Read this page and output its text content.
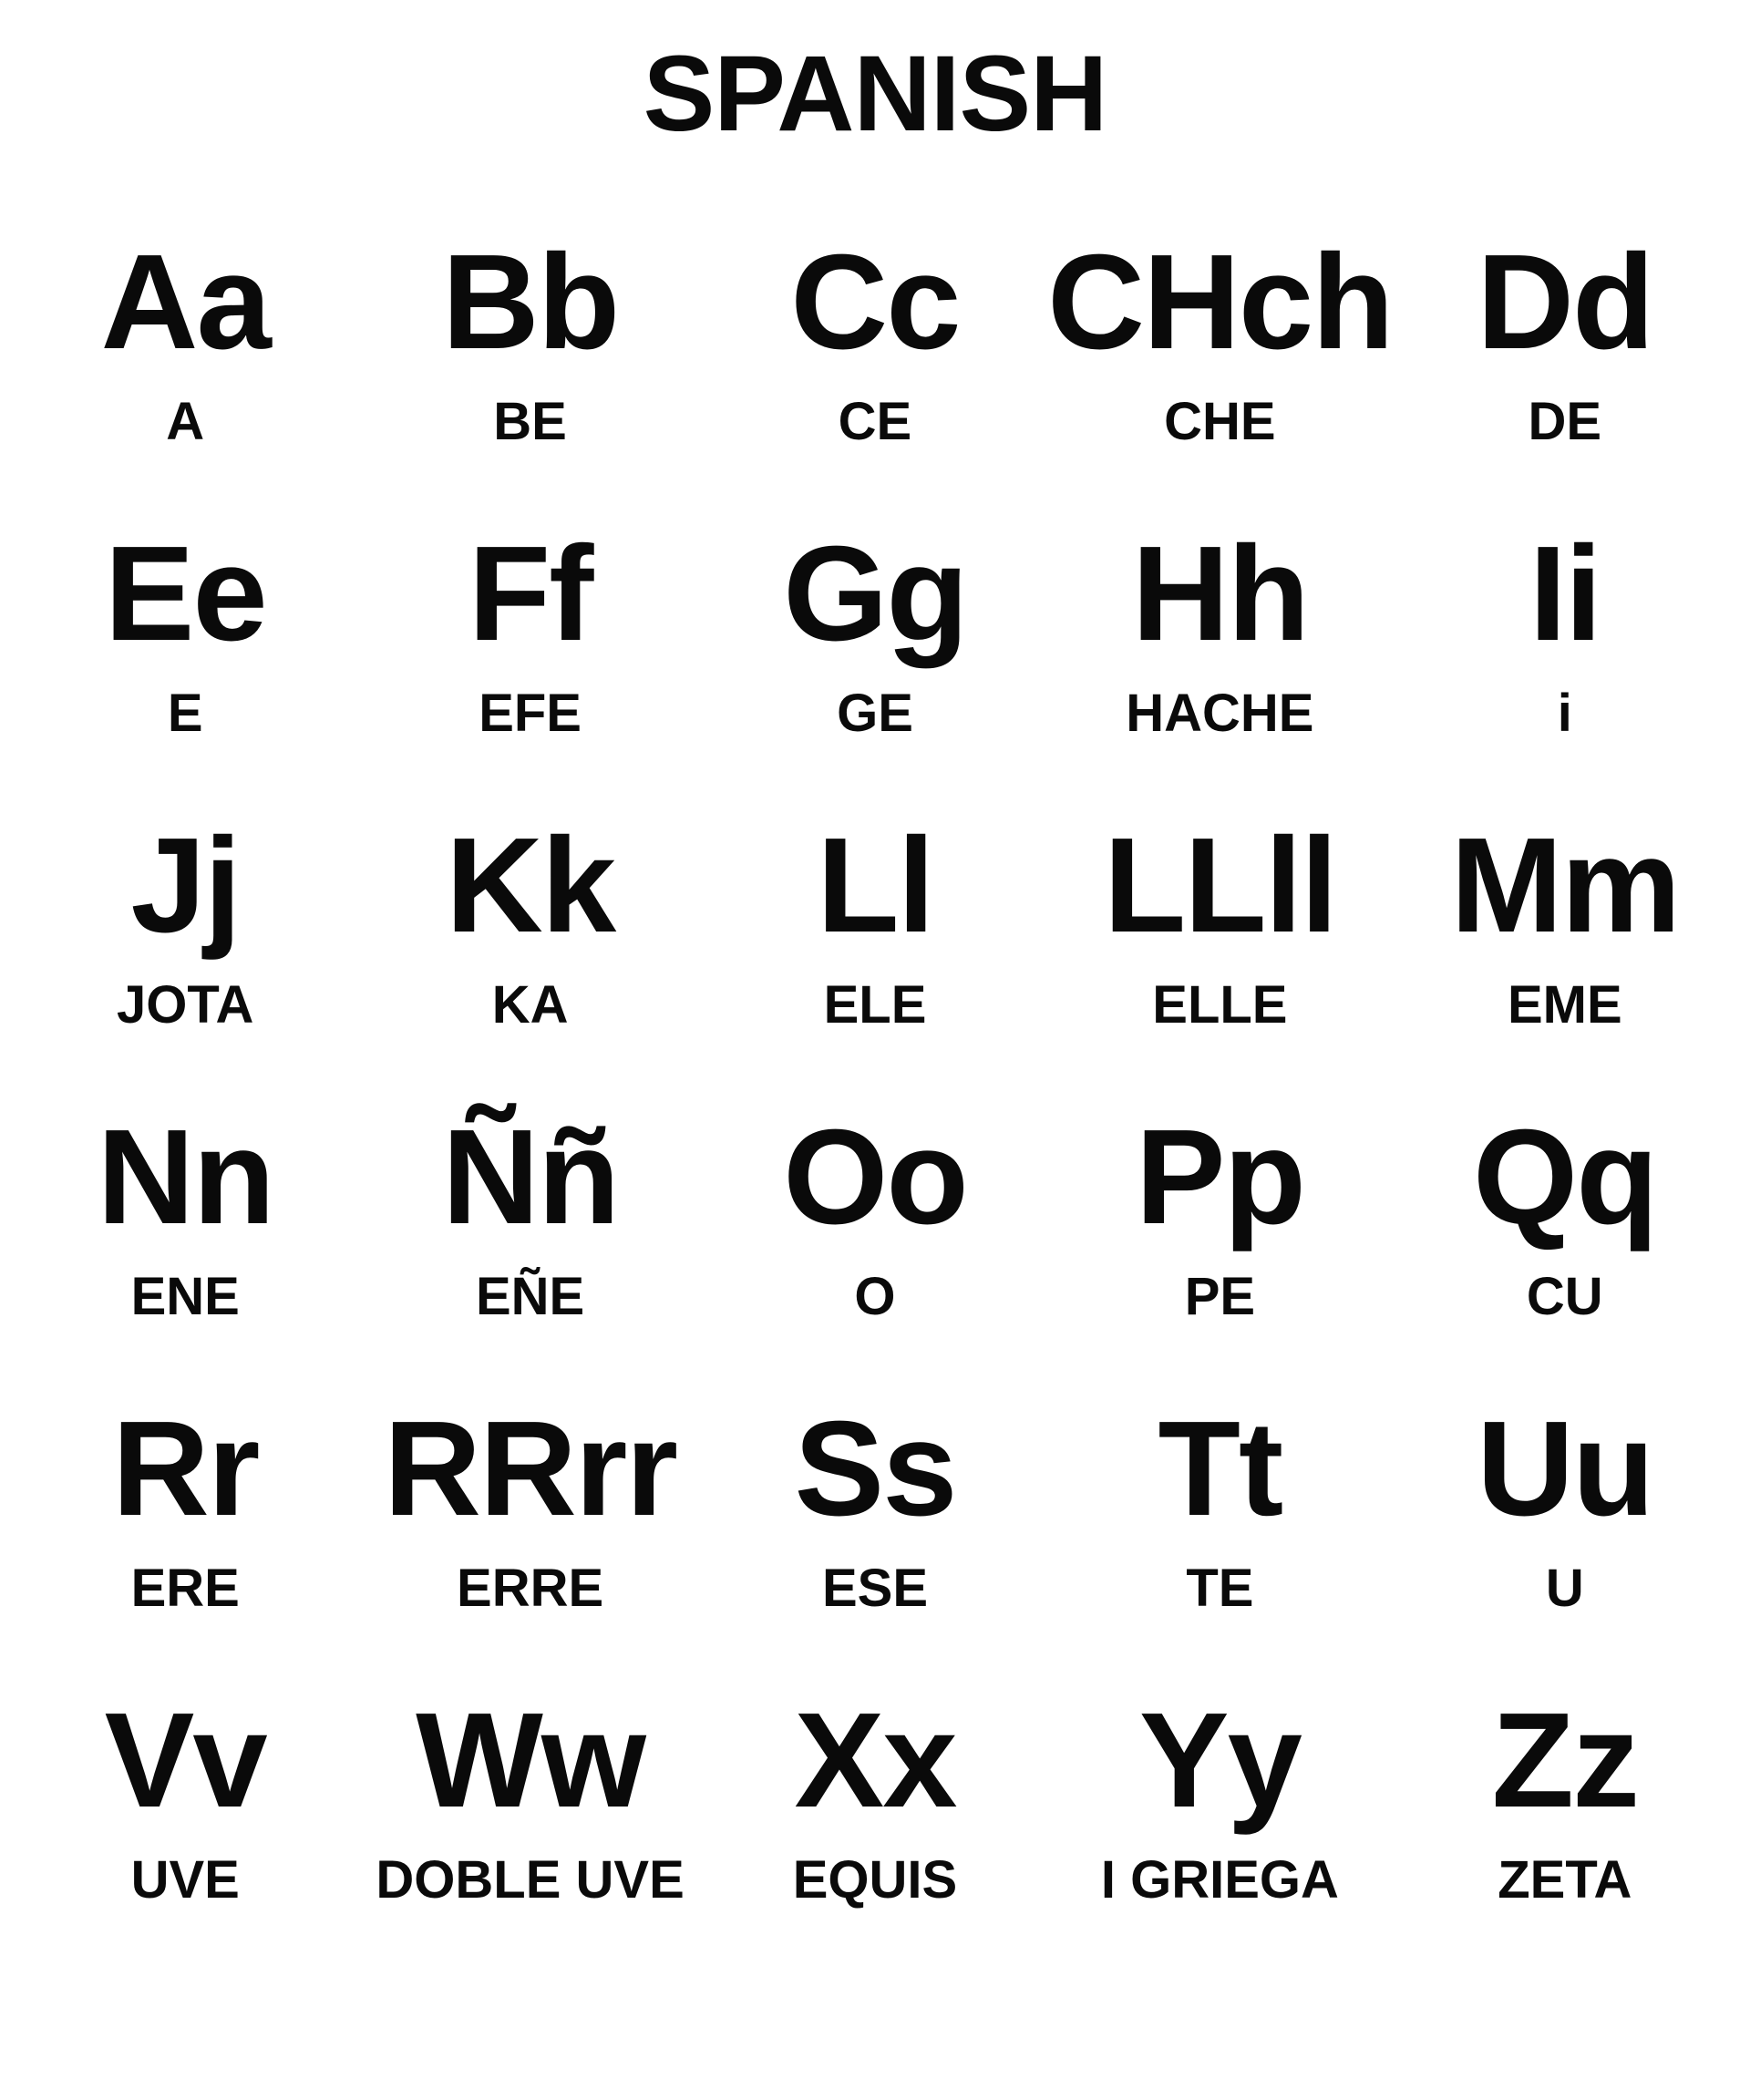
SPANISH
Aa
A
Bb
BE
Cc
CE
CHch
CHE
Dd
DE
Ee
E
Ff
EFE
Gg
GE
Hh
HACHE
Ii
i
Jj
JOTA
Kk
KA
Ll
ELE
LLll
ELLE
Mm
EME
Nn
ENE
Ññ
EÑE
Oo
O
Pp
PE
Qq
CU
Rr
ERE
RRrr
ERRE
Ss
ESE
Tt
TE
Uu
U
Vv
UVE
Ww
DOBLE UVE
Xx
EQUIS
Yy
I GRIEGA
Zz
ZETA
